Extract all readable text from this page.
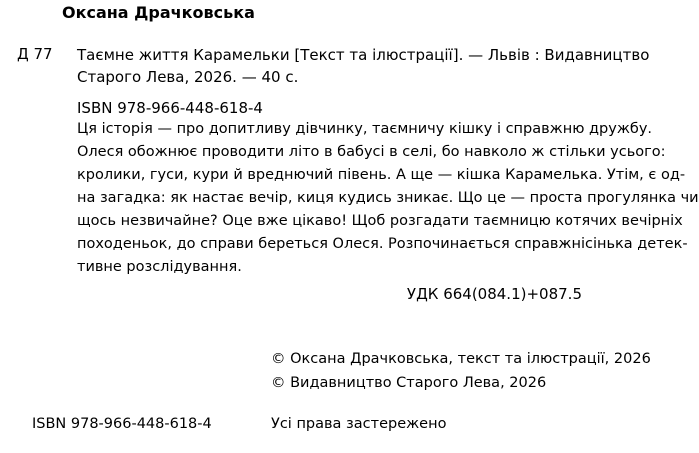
Оксана Драчковська
Д 77 Таємне життя Карамельки [Текст та ілюстрації]. — Львів : Видавництво
Старого Лева, 2026. — 40 с.
ISBN 978-966-448-618-4
Ця історія — про допитливу дівчинку, таємничу кішку і справжню дружбу.
Олеся обожнює проводити літо в бабусі в селі, бо навколо ж стільки усього:
кролики, гуси, кури й вреднючий півень. А ще — кішка Карамелька. Утім, є од-
на загадка: як настає вечір, киця кудись зникає. Що це — проста прогулянка чи
щось незвичайне? Оце вже цікаво! Щоб розгадати таємницю котячих вечірніх
походеньок, до справи береться Олеся. Розпочинається справжнісінька детек-
тивне розслідування.
УДК 664(084.1)+087.5
© Оксана Драчковська, текст та ілюстрації, 2026
© Видавництво Старого Лева, 2026
ISBN 978-966-448-618-4	Усі права застережено
